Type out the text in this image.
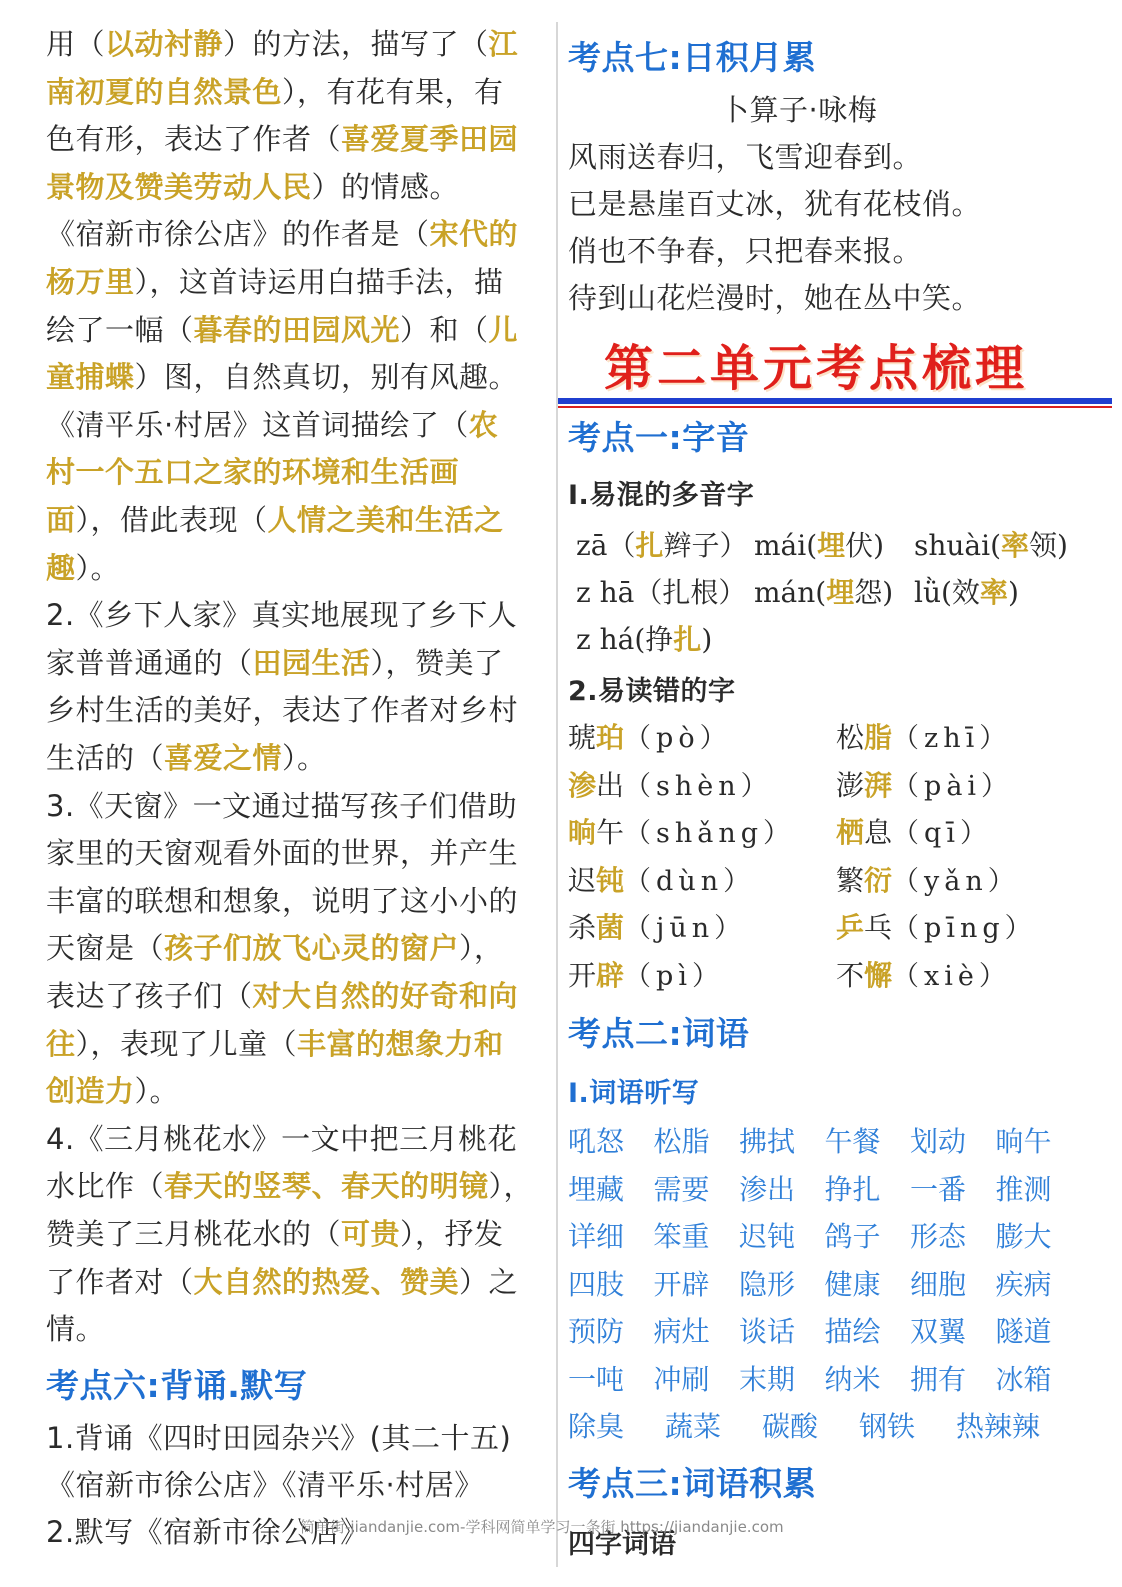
用（以动衬静）的方法，描写了（江
南初夏的自然景色），有花有果，有
色有形，表达了作者（喜爱夏季田园
景物及赞美劳动人民）的情感。
《宿新市徐公店》的作者是（宋代的
杨万里），这首诗运用白描手法，描
绘了一幅（暮春的田园风光）和（儿
童捕蝶）图，自然真切，别有风趣。
《清平乐·村居》这首词描绘了（农
村一个五口之家的环境和生活画
面），借此表现（人情之美和生活之
趣）。
2.《乡下人家》真实地展现了乡下人
家普普通通的（田园生活），赞美了
乡村生活的美好，表达了作者对乡村
生活的（喜爱之情）。
3.《天窗》一文通过描写孩子们借助
家里的天窗观看外面的世界，并产生
丰富的联想和想象，说明了这小小的
天窗是（孩子们放飞心灵的窗户），
表达了孩子们（对大自然的好奇和向
往），表现了儿童（丰富的想象力和
创造力）。
4.《三月桃花水》一文中把三月桃花
水比作（春天的竖琴、春天的明镜），
赞美了三月桃花水的（可贵），抒发
了作者对（大自然的热爱、赞美）之
情。
考点六:背诵.默写
1.背诵《四时田园杂兴》(其二十五)
《宿新市徐公店》《清平乐·村居》
2.默写《宿新市徐公店》
考点七:日积月累
卜算子·咏梅
风雨送春归，飞雪迎春到。
已是悬崖百丈冰，犹有花枝俏。
俏也不争春，只把春来报。
待到山花烂漫时，她在丛中笑。
第二单元考点梳理
考点一:字音
I.易混的多音字
zā（扎辫子） mái(埋伏) shuài(率领)
z hā（扎根） mán(埋怨) lǜ(效率)
z há(挣扎)
2.易读错的字
琥珀（pò）	松脂（zhī）
渗出（shèn） 澎湃（pài）
晌午（shǎng） 栖息（qī）
迟钝（dùn）	繁衍（yǎn）
杀菌（jūn）	乒乓（pīng）
开辟（pì）	不懈（xiè）
考点二:词语
I.词语听写
吼怒 松脂 拂拭 午餐 划动 晌午
埋藏 需要 渗出 挣扎 一番 推测
详细 笨重 迟钝 鸽子 形态 膨大
四肢 开辟 隐形 健康 细胞 疾病
预防 病灶 谈话 描绘 双翼 隧道
一吨 冲刷 末期 纳米 拥有 冰箱
除臭 蔬菜 碳酸 钢铁 热辣辣
考点三:词语积累
四字词语
简单街-jiandanjie.com-学科网简单学习一条街 https://jiandanjie.com
